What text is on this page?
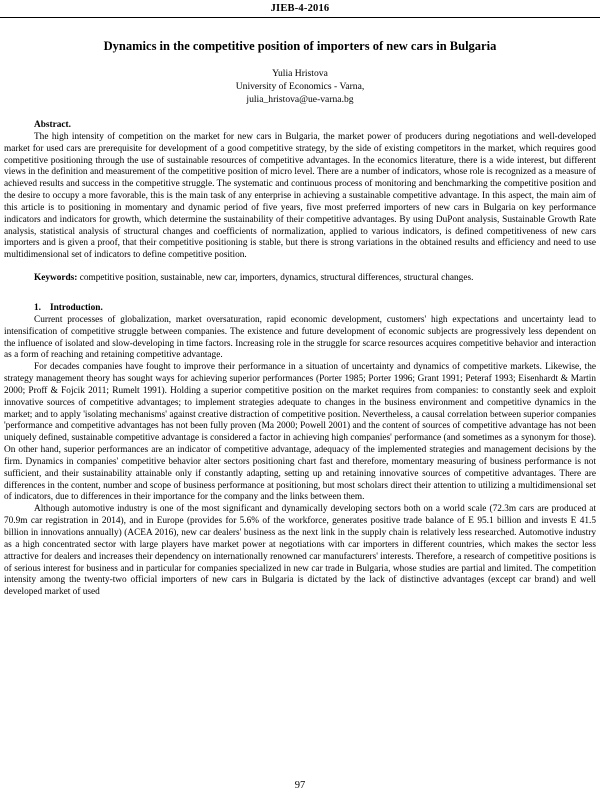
JIEB-4-2016
Dynamics in the competitive position of importers of new cars in Bulgaria
Yulia Hristova
University of Economics - Varna,
julia_hristova@ue-varna.bg
Abstract.

The high intensity of competition on the market for new cars in Bulgaria, the market power of producers during negotiations and well-developed market for used cars are prerequisite for development of a good competitive strategy, by the side of existing competitors in the market, which requires good competitive positioning through the use of sustainable resources of competitive advantages. In the economics literature, there is a wide interest, but different views in the definition and measurement of the competitive position of micro level. There are a number of indicators, whose role is recognized as a measure of achieved results and success in the competitive struggle. The systematic and continuous process of monitoring and benchmarking the competitive position and the desire to occupy a more favorable, this is the main task of any enterprise in achieving a sustainable competitive advantage. In this aspect, the main aim of this article is to positioning in momentary and dynamic period of five years, five most preferred importers of new cars in Bulgaria on key performance indicators and indicators for growth, which determine the sustainability of their competitive advantages. By using DuPont analysis, Sustainable Growth Rate analysis, statistical analysis of structural changes and coefficients of normalization, applied to various indicators, is defined competitiveness of new cars importers and is given a proof, that their competitive positioning is stable, but there is strong variations in the obtained results and efficiency and need to use multidimensional set of indicators to define competitive position.

Keywords: competitive position, sustainable, new car, importers, dynamics, structural differences, structural changes.

1. Introduction.

Current processes of globalization, market oversaturation, rapid economic development, customers' high expectations and uncertainty lead to intensification of competitive struggle between companies. The existence and future development of economic subjects are progressively less dependent on the influence of isolated and slow-developing in time factors. Increasing role in the struggle for scarce resources acquires competitive behavior and interaction as a form of reaching and retaining competitive advantage.

For decades companies have fought to improve their performance in a situation of uncertainty and dynamics of competitive markets. Likewise, the strategy management theory has sought ways for achieving superior performances (Porter 1985; Porter 1996; Grant 1991; Peteraf 1993; Eisenhardt & Martin 2000; Proff & Fojcik 2011; Rumelt 1991). Holding a superior competitive position on the market requires from companies: to constantly seek and exploit innovative sources of competitive advantages; to implement strategies adequate to changes in the business environment and competitive dynamics in the market; and to apply 'isolating mechanisms' against creative distraction of competitive position. Nevertheless, a causal correlation between superior companies 'performance and competitive advantages has not been fully proven (Ma 2000; Powell 2001) and the content of sources of competitive advantage has not been uniquely defined, sustainable competitive advantage is considered a factor in achieving high companies' performance (and sometimes as a synonym for those). On other hand, superior performances are an indicator of competitive advantage, adequacy of the implemented strategies and management decisions by the firm. Dynamics in companies' competitive behavior alter sectors positioning chart fast and therefore, momentary measuring of business performance is not sufficient, and their sustainability attainable only if constantly adapting, setting up and retaining innovative sources of competitive advantages. There are differences in the content, number and scope of business performance at positioning, but most scholars direct their attention to utilizing a multidimensional set of indicators, due to differences in their importance for the company and the links between them.

Although automotive industry is one of the most significant and dynamically developing sectors both on a world scale (72.3m cars are produced at 70.9m car registration in 2014), and in Europe (provides for 5.6% of the workforce, generates positive trade balance of E 95.1 billion and invests E 41.5 billion in innovations annually) (ACEA 2016), new car dealers' business as the next link in the supply chain is relatively less researched. Automotive industry as a high concentrated sector with large players have market power at negotiations with car importers in different countries, which makes the sector less attractive for dealers and increases their dependency on internationally renowned car manufacturers' interests. Therefore, a research of competitive positions is of serious interest for business and in particular for companies specialized in new car trade in Bulgaria, whose studies are partial and limited. The competition intensity among the twenty-two official importers of new cars in Bulgaria is dictated by the lack of distinctive advantages (except car brand) and well developed market of used

97
